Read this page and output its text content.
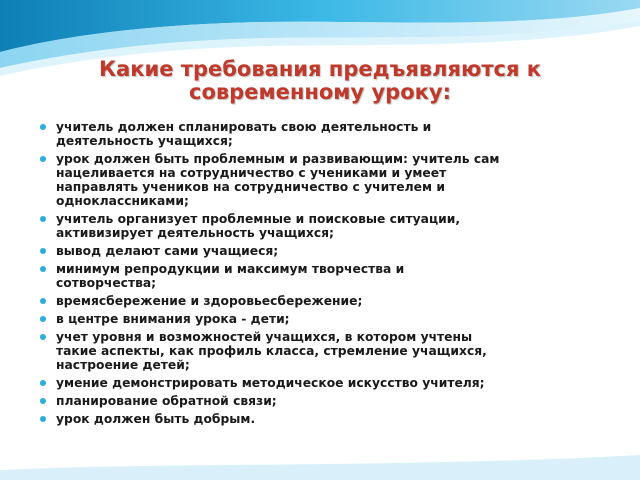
Какие требования предъявляются к
современному уроку:
учитель должен спланировать свою деятельность и
деятельность учащихся;
урок должен быть проблемным и развивающим: учитель сам
нацеливается на сотрудничество с учениками и умеет
направлять учеников на сотрудничество с учителем и
одноклассниками;
учитель организует проблемные и поисковые ситуации,
активизирует деятельность учащихся;
вывод делают сами учащиеся;
минимум репродукции и максимум творчества и
сотворчества;
времясбережение и здоровьесбережение;
в центре внимания урока - дети;
учет уровня и возможностей учащихся, в котором учтены
такие аспекты, как профиль класса, стремление учащихся,
настроение детей;
умение демонстрировать методическое искусство учителя;
планирование обратной связи;
урок должен быть добрым.
